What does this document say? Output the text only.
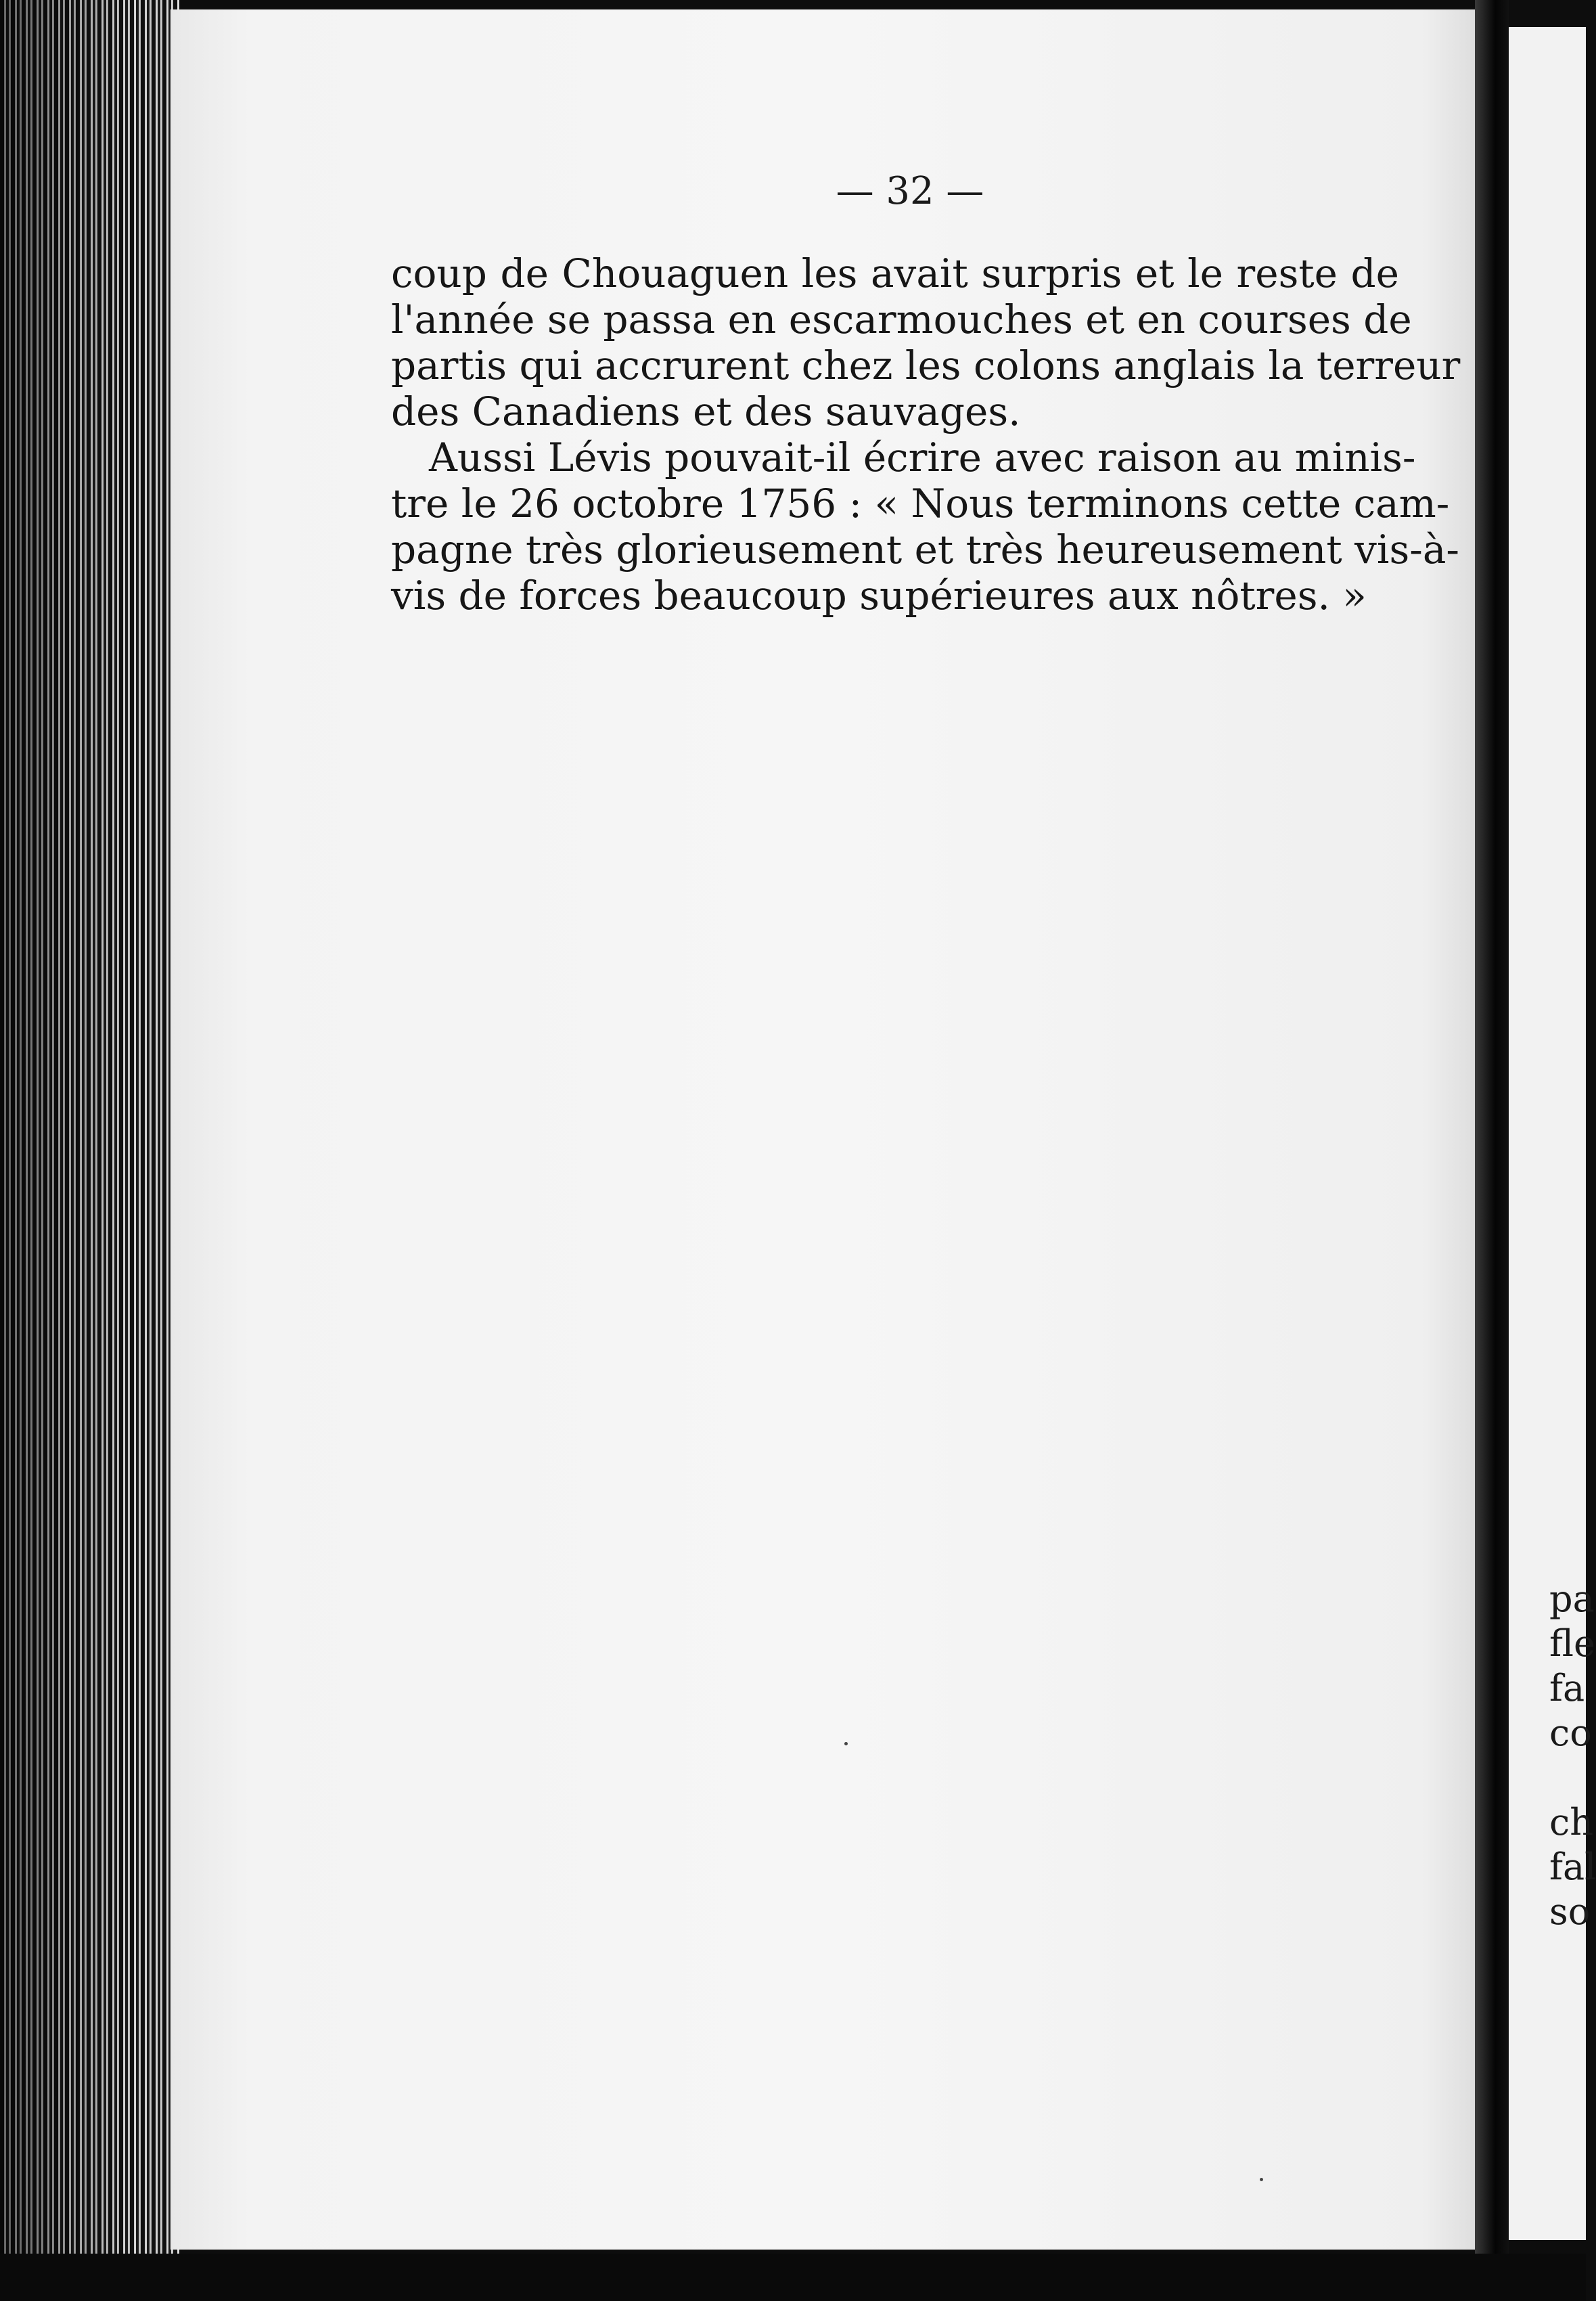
— 32 —
coup de Chouaguen les avait surpris et le reste de
l'année se passa en escarmouches et en courses de
partis qui accrurent chez les colons anglais la terreur
des Canadiens et des sauvages.
Aussi Lévis pouvait-il écrire avec raison au minis-
tre le 26 octobre 1756 : « Nous terminons cette cam-
pagne très glorieusement et très heureusement vis-à-
vis de forces beaucoup supérieures aux nôtres. »
pa
fle
fa
co
ch
fal
so
